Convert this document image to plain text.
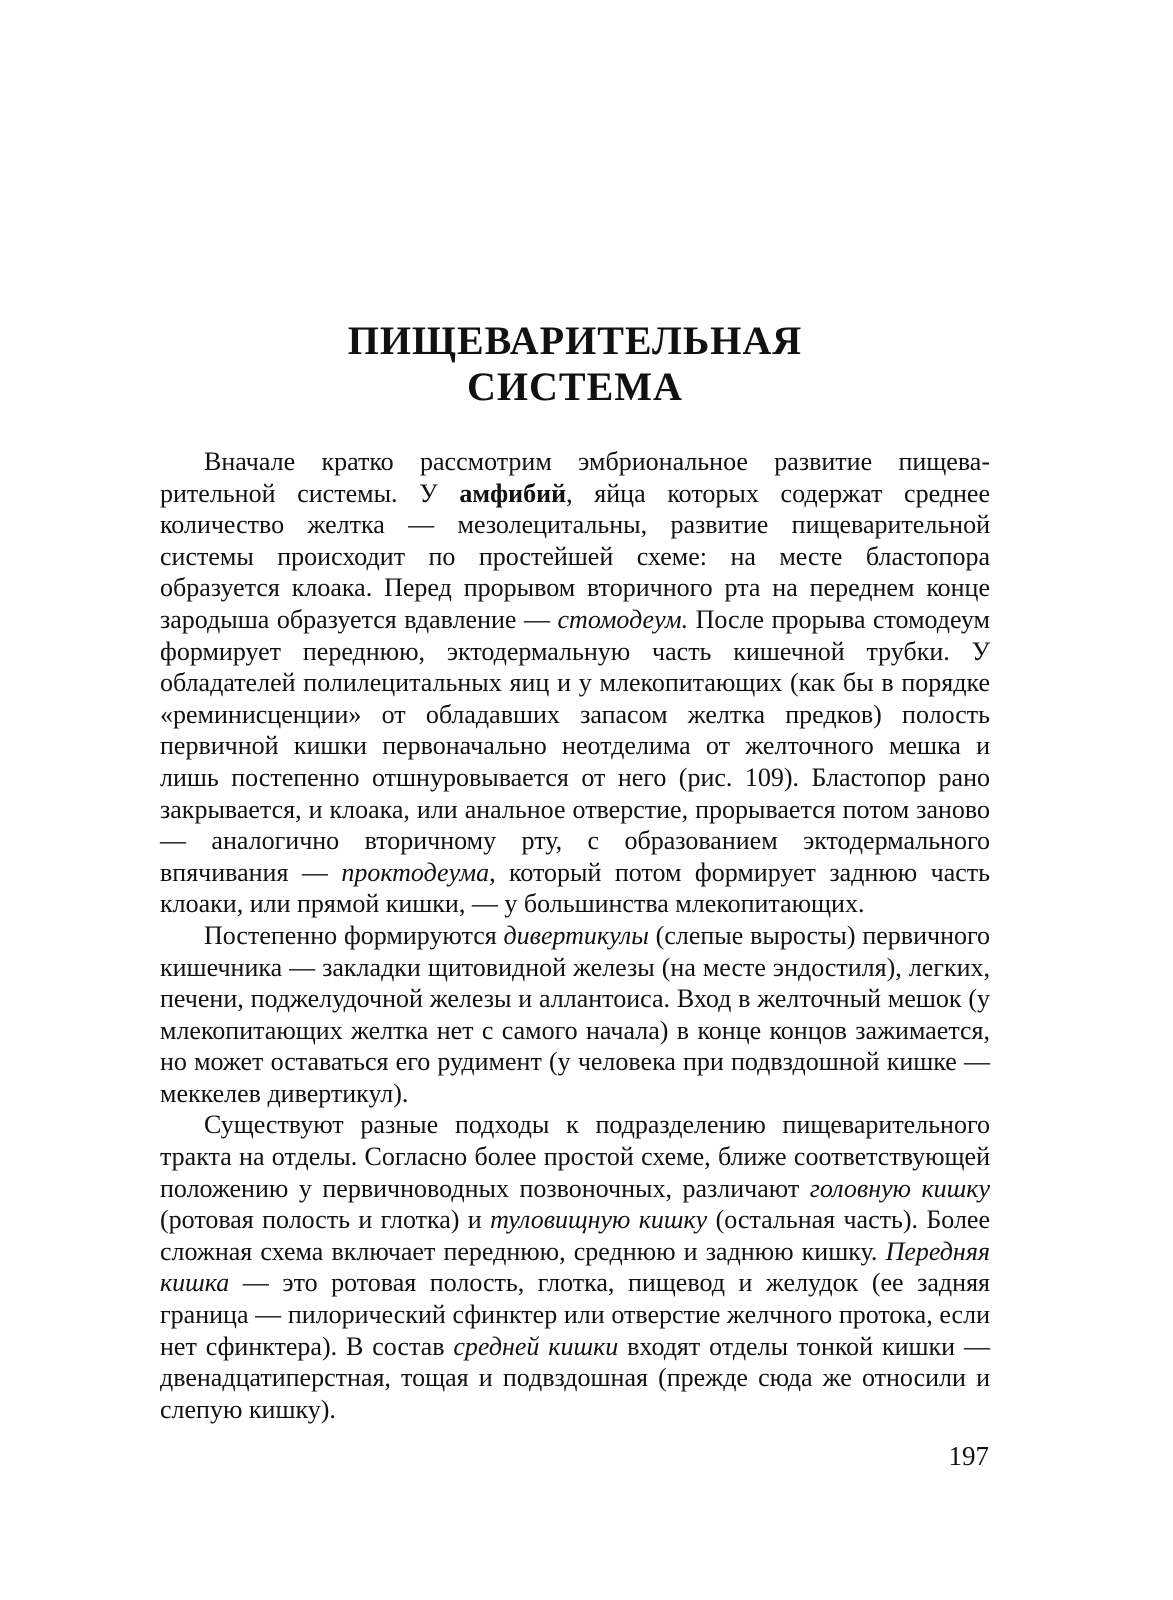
ПИЩЕВАРИТЕЛЬНАЯ
СИСТЕМА

Вначале кратко рассмотрим эмбриональное развитие пищеварительной системы. У амфибий, яйца которых содержат среднее количество желтка — мезолецитальны, развитие пищеварительной системы происходит по простейшей схеме: на месте бластопора образуется клоака. Перед прорывом вторичного рта на переднем конце зародыша образуется вдавление — стомодеум. После прорыва стомодеум формирует переднюю, эктодермальную часть кишечной трубки. У обладателей полилецитальных яиц и у млекопитающих (как бы в порядке «реминисценции» от обладавших запасом желтка предков) полость первичной кишки первоначально неотделима от желточного мешка и лишь постепенно отшнуровывается от него (рис. 109). Бластопор рано закрывается, и клоака, или анальное отверстие, прорывается потом заново — аналогично вторичному рту, с образованием эктодермального впячивания — проктодеума, который потом формирует заднюю часть клоаки, или прямой кишки, — у большинства млекопитающих.

Постепенно формируются дивертикулы (слепые выросты) первичного кишечника — закладки щитовидной железы (на месте эндостиля), легких, печени, поджелудочной железы и аллантоиса. Вход в желточный мешок (у млекопитающих желтка нет с самого начала) в конце концов зажимается, но может оставаться его рудимент (у человека при подвздошной кишке — меккелев дивертикул).

Существуют разные подходы к подразделению пищеварительного тракта на отделы. Согласно более простой схеме, ближе соответствующей положению у первичноводных позвоночных, различают головную кишку (ротовая полость и глотка) и туловищную кишку (остальная часть). Более сложная схема включает переднюю, среднюю и заднюю кишку. Передняя кишка — это ротовая полость, глотка, пищевод и желудок (ее задняя граница — пилорический сфинктер или отверстие желчного протока, если нет сфинктера). В состав средней кишки входят отделы тонкой кишки — двенадцатиперстная, тощая и подвздошная (прежде сюда же относили и слепую кишку).

197
